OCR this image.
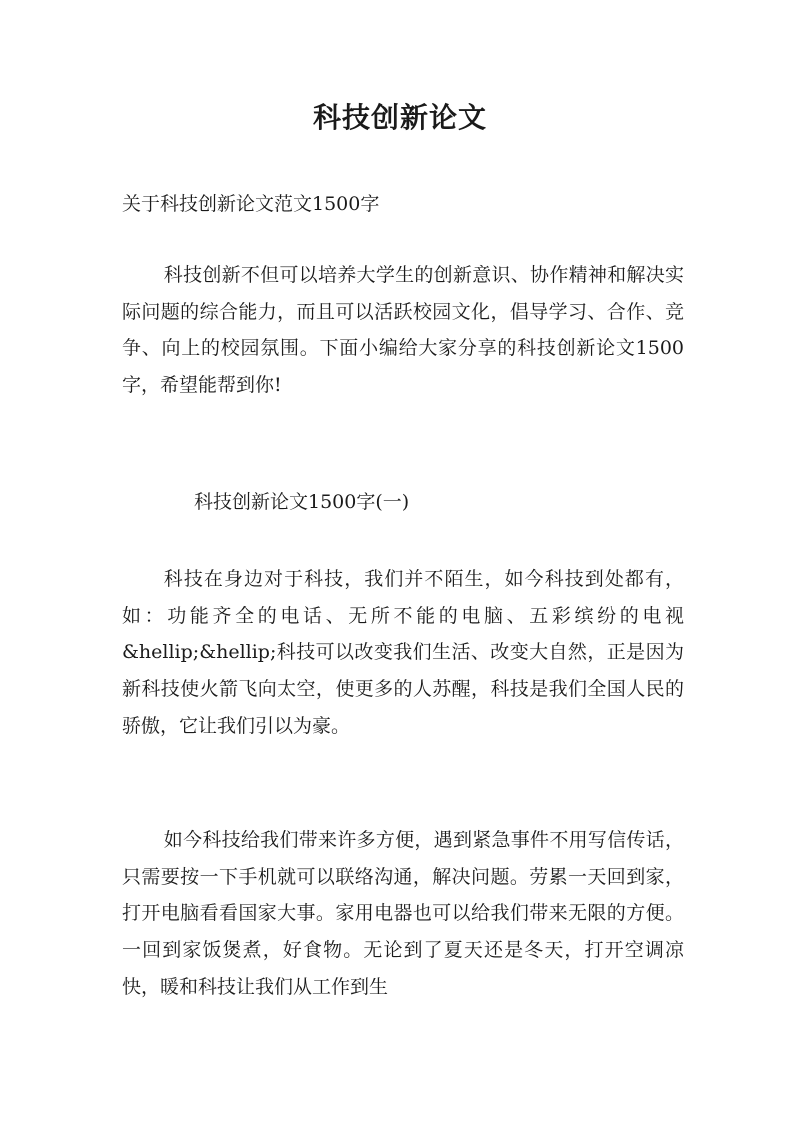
科技创新论文

关于科技创新论文范文1500字

科技创新不但可以培养大学生的创新意识、协作精神和解决实际问题的综合能力，而且可以活跃校园文化，倡导学习、合作、竞争、向上的校园氛围。下面小编给大家分享的科技创新论文1500字，希望能帮到你!

科技创新论文1500字(一)

科技在身边对于科技，我们并不陌生，如今科技到处都有，如：功能齐全的电话、无所不能的电脑、五彩缤纷的电视&hellip;&hellip;科技可以改变我们生活、改变大自然，正是因为新科技使火箭飞向太空，使更多的人苏醒，科技是我们全国人民的骄傲，它让我们引以为豪。

如今科技给我们带来许多方便，遇到紧急事件不用写信传话，只需要按一下手机就可以联络沟通，解决问题。劳累一天回到家，打开电脑看看国家大事。家用电器也可以给我们带来无限的方便。一回到家饭煲煮，好食物。无论到了夏天还是冬天，打开空调凉快，暖和科技让我们从工作到生
